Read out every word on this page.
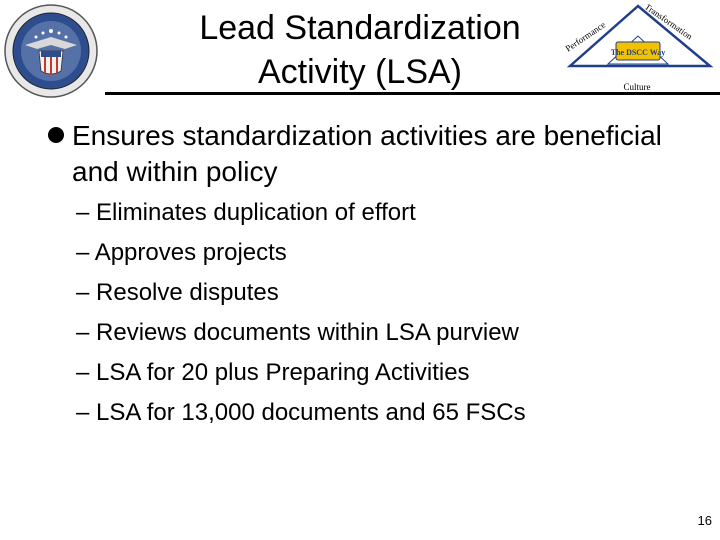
Lead Standardization
Activity (LSA)
The DSCC Way
Performance
Transformation
Culture
Ensures standardization activities are beneficial and within policy
– Eliminates duplication of effort
– Approves projects
– Resolve disputes
– Reviews documents within LSA purview
– LSA for 20 plus Preparing Activities
– LSA for 13,000 documents and 65 FSCs
16
